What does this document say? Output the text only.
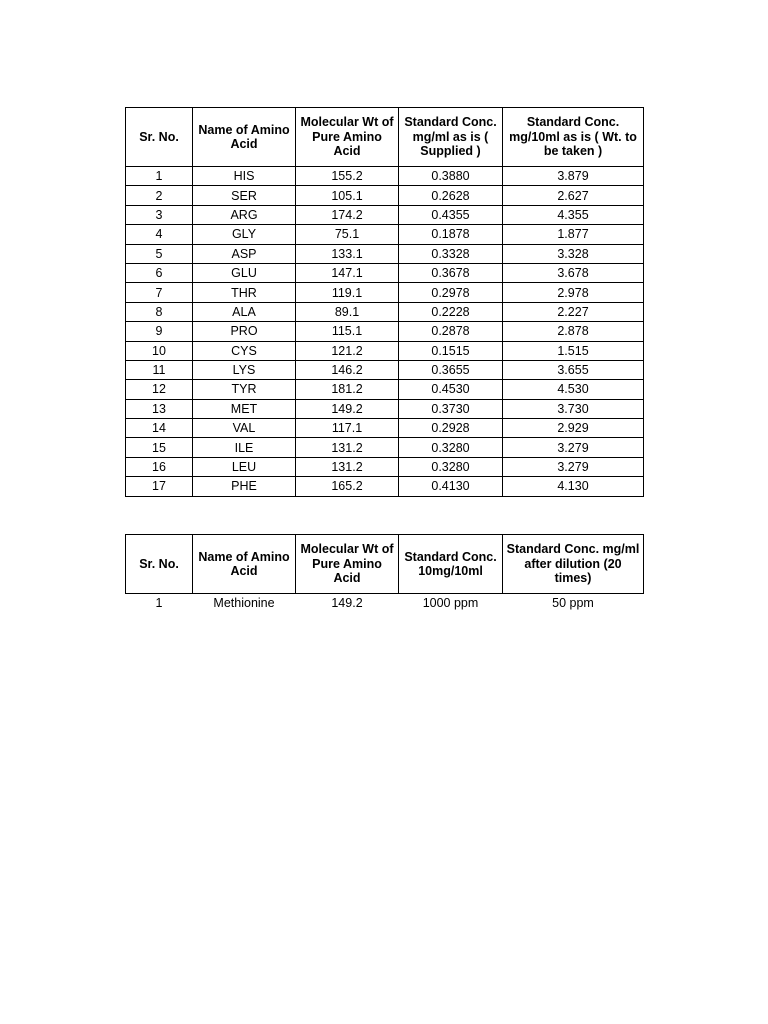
Sr. No.	Name of Amino Acid	Molecular Wt of Pure Amino Acid	Standard Conc. mg/ml as is ( Supplied )	Standard Conc. mg/10ml as is ( Wt. to be taken )
1	HIS	155.2	0.3880	3.879
2	SER	105.1	0.2628	2.627
3	ARG	174.2	0.4355	4.355
4	GLY	75.1	0.1878	1.877
5	ASP	133.1	0.3328	3.328
6	GLU	147.1	0.3678	3.678
7	THR	119.1	0.2978	2.978
8	ALA	89.1	0.2228	2.227
9	PRO	115.1	0.2878	2.878
10	CYS	121.2	0.1515	1.515
11	LYS	146.2	0.3655	3.655
12	TYR	181.2	0.4530	4.530
13	MET	149.2	0.3730	3.730
14	VAL	117.1	0.2928	2.929
15	ILE	131.2	0.3280	3.279
16	LEU	131.2	0.3280	3.279
17	PHE	165.2	0.4130	4.130
Sr. No.	Name of Amino Acid	Molecular Wt of Pure Amino Acid	Standard Conc. 10mg/10ml	Standard Conc. mg/ml after dilution (20 times)
1	Methionine	149.2	1000 ppm	50 ppm
